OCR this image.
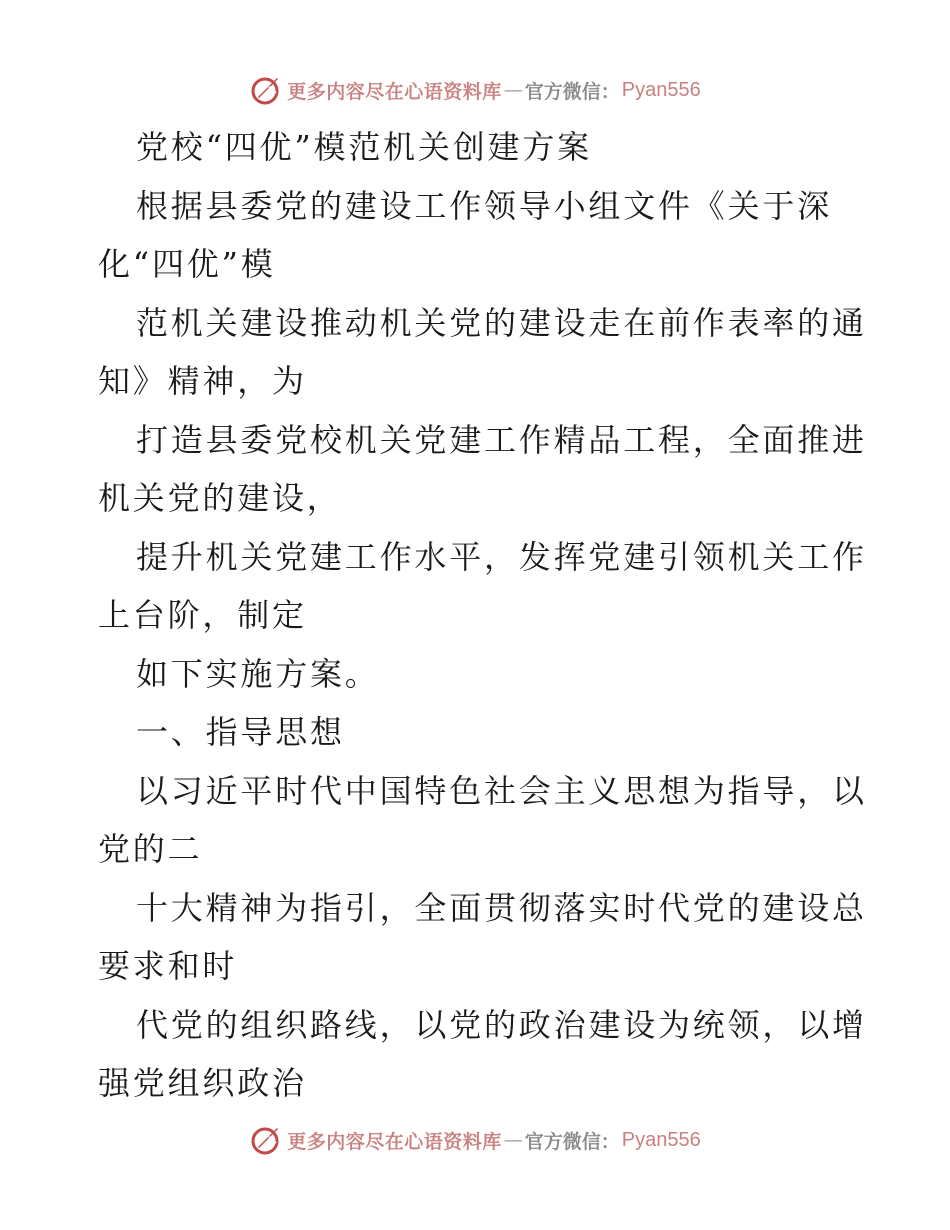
更多内容尽在心语资料库 — 官方微信： Pyan556
党校“四优”模范机关创建方案
根据县委党的建设工作领导小组文件《关于深
化“四优”模
范机关建设推动机关党的建设走在前作表率的通
知》精神，为
打造县委党校机关党建工作精品工程，全面推进
机关党的建设，
提升机关党建工作水平，发挥党建引领机关工作
上台阶，制定
如下实施方案。
一、指导思想
以习近平时代中国特色社会主义思想为指导，以
党的二
十大精神为指引，全面贯彻落实时代党的建设总
要求和时
代党的组织路线，以党的政治建设为统领，以增
强党组织政治
更多内容尽在心语资料库 — 官方微信： Pyan556
